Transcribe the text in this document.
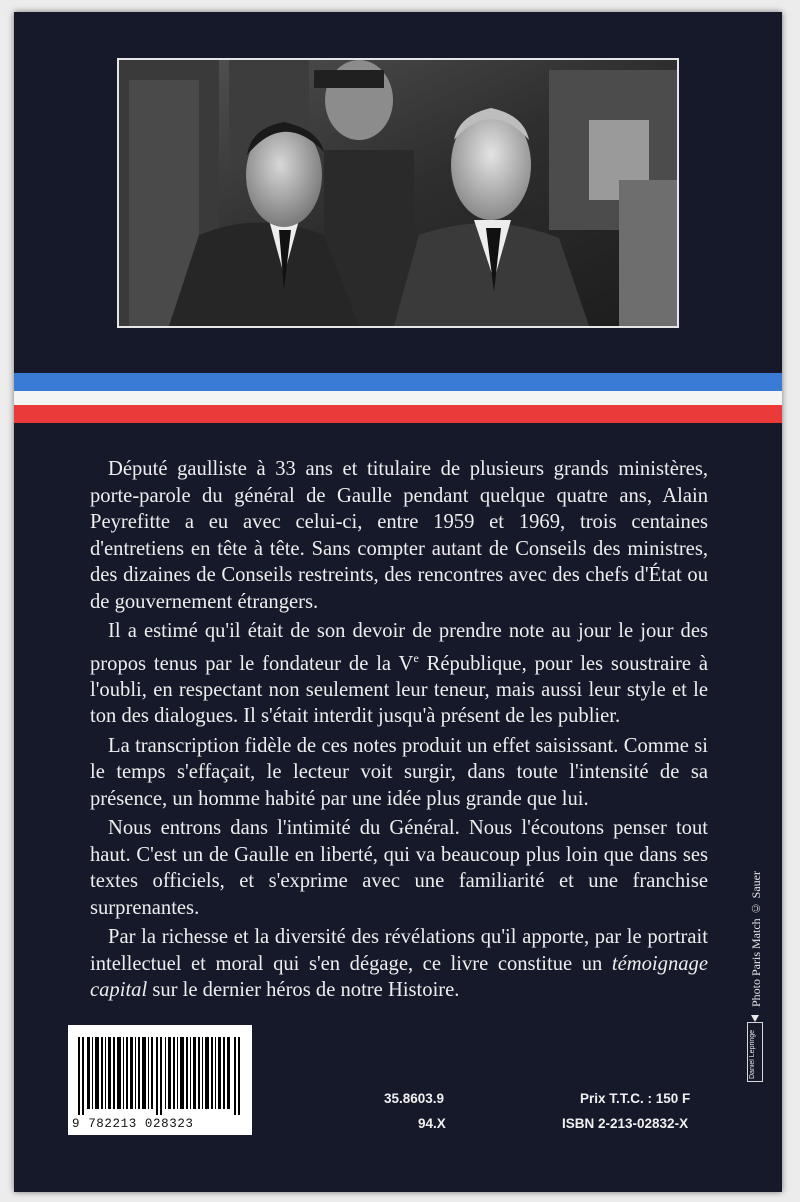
Député gaulliste à 33 ans et titulaire de plusieurs grands ministères, porte-parole du général de Gaulle pendant quelque quatre ans, Alain Peyrefitte a eu avec celui-ci, entre 1959 et 1969, trois centaines d'entretiens en tête à tête. Sans compter autant de Conseils des ministres, des dizaines de Conseils restreints, des rencontres avec des chefs d'État ou de gouvernement étrangers.

Il a estimé qu'il était de son devoir de prendre note au jour le jour des propos tenus par le fondateur de la Ve République, pour les soustraire à l'oubli, en respectant non seulement leur teneur, mais aussi leur style et le ton des dialogues. Il s'était interdit jusqu'à présent de les publier.

La transcription fidèle de ces notes produit un effet saisissant. Comme si le temps s'effaçait, le lecteur voit surgir, dans toute l'intensité de sa présence, un homme habité par une idée plus grande que lui.

Nous entrons dans l'intimité du Général. Nous l'écoutons penser tout haut. C'est un de Gaulle en liberté, qui va beaucoup plus loin que dans ses textes officiels, et s'exprime avec une familiarité et une franchise surprenantes.

Par la richesse et la diversité des révélations qu'il apporte, par le portrait intellectuel et moral qui s'en dégage, ce livre constitue un témoignage capital sur le dernier héros de notre Histoire.	Photo Paris Match © Sauer
Daniel Lepringe
9 782213 028323
35.8603.9
94.X
Prix T.T.C. : 150 F
ISBN 2-213-02832-X
